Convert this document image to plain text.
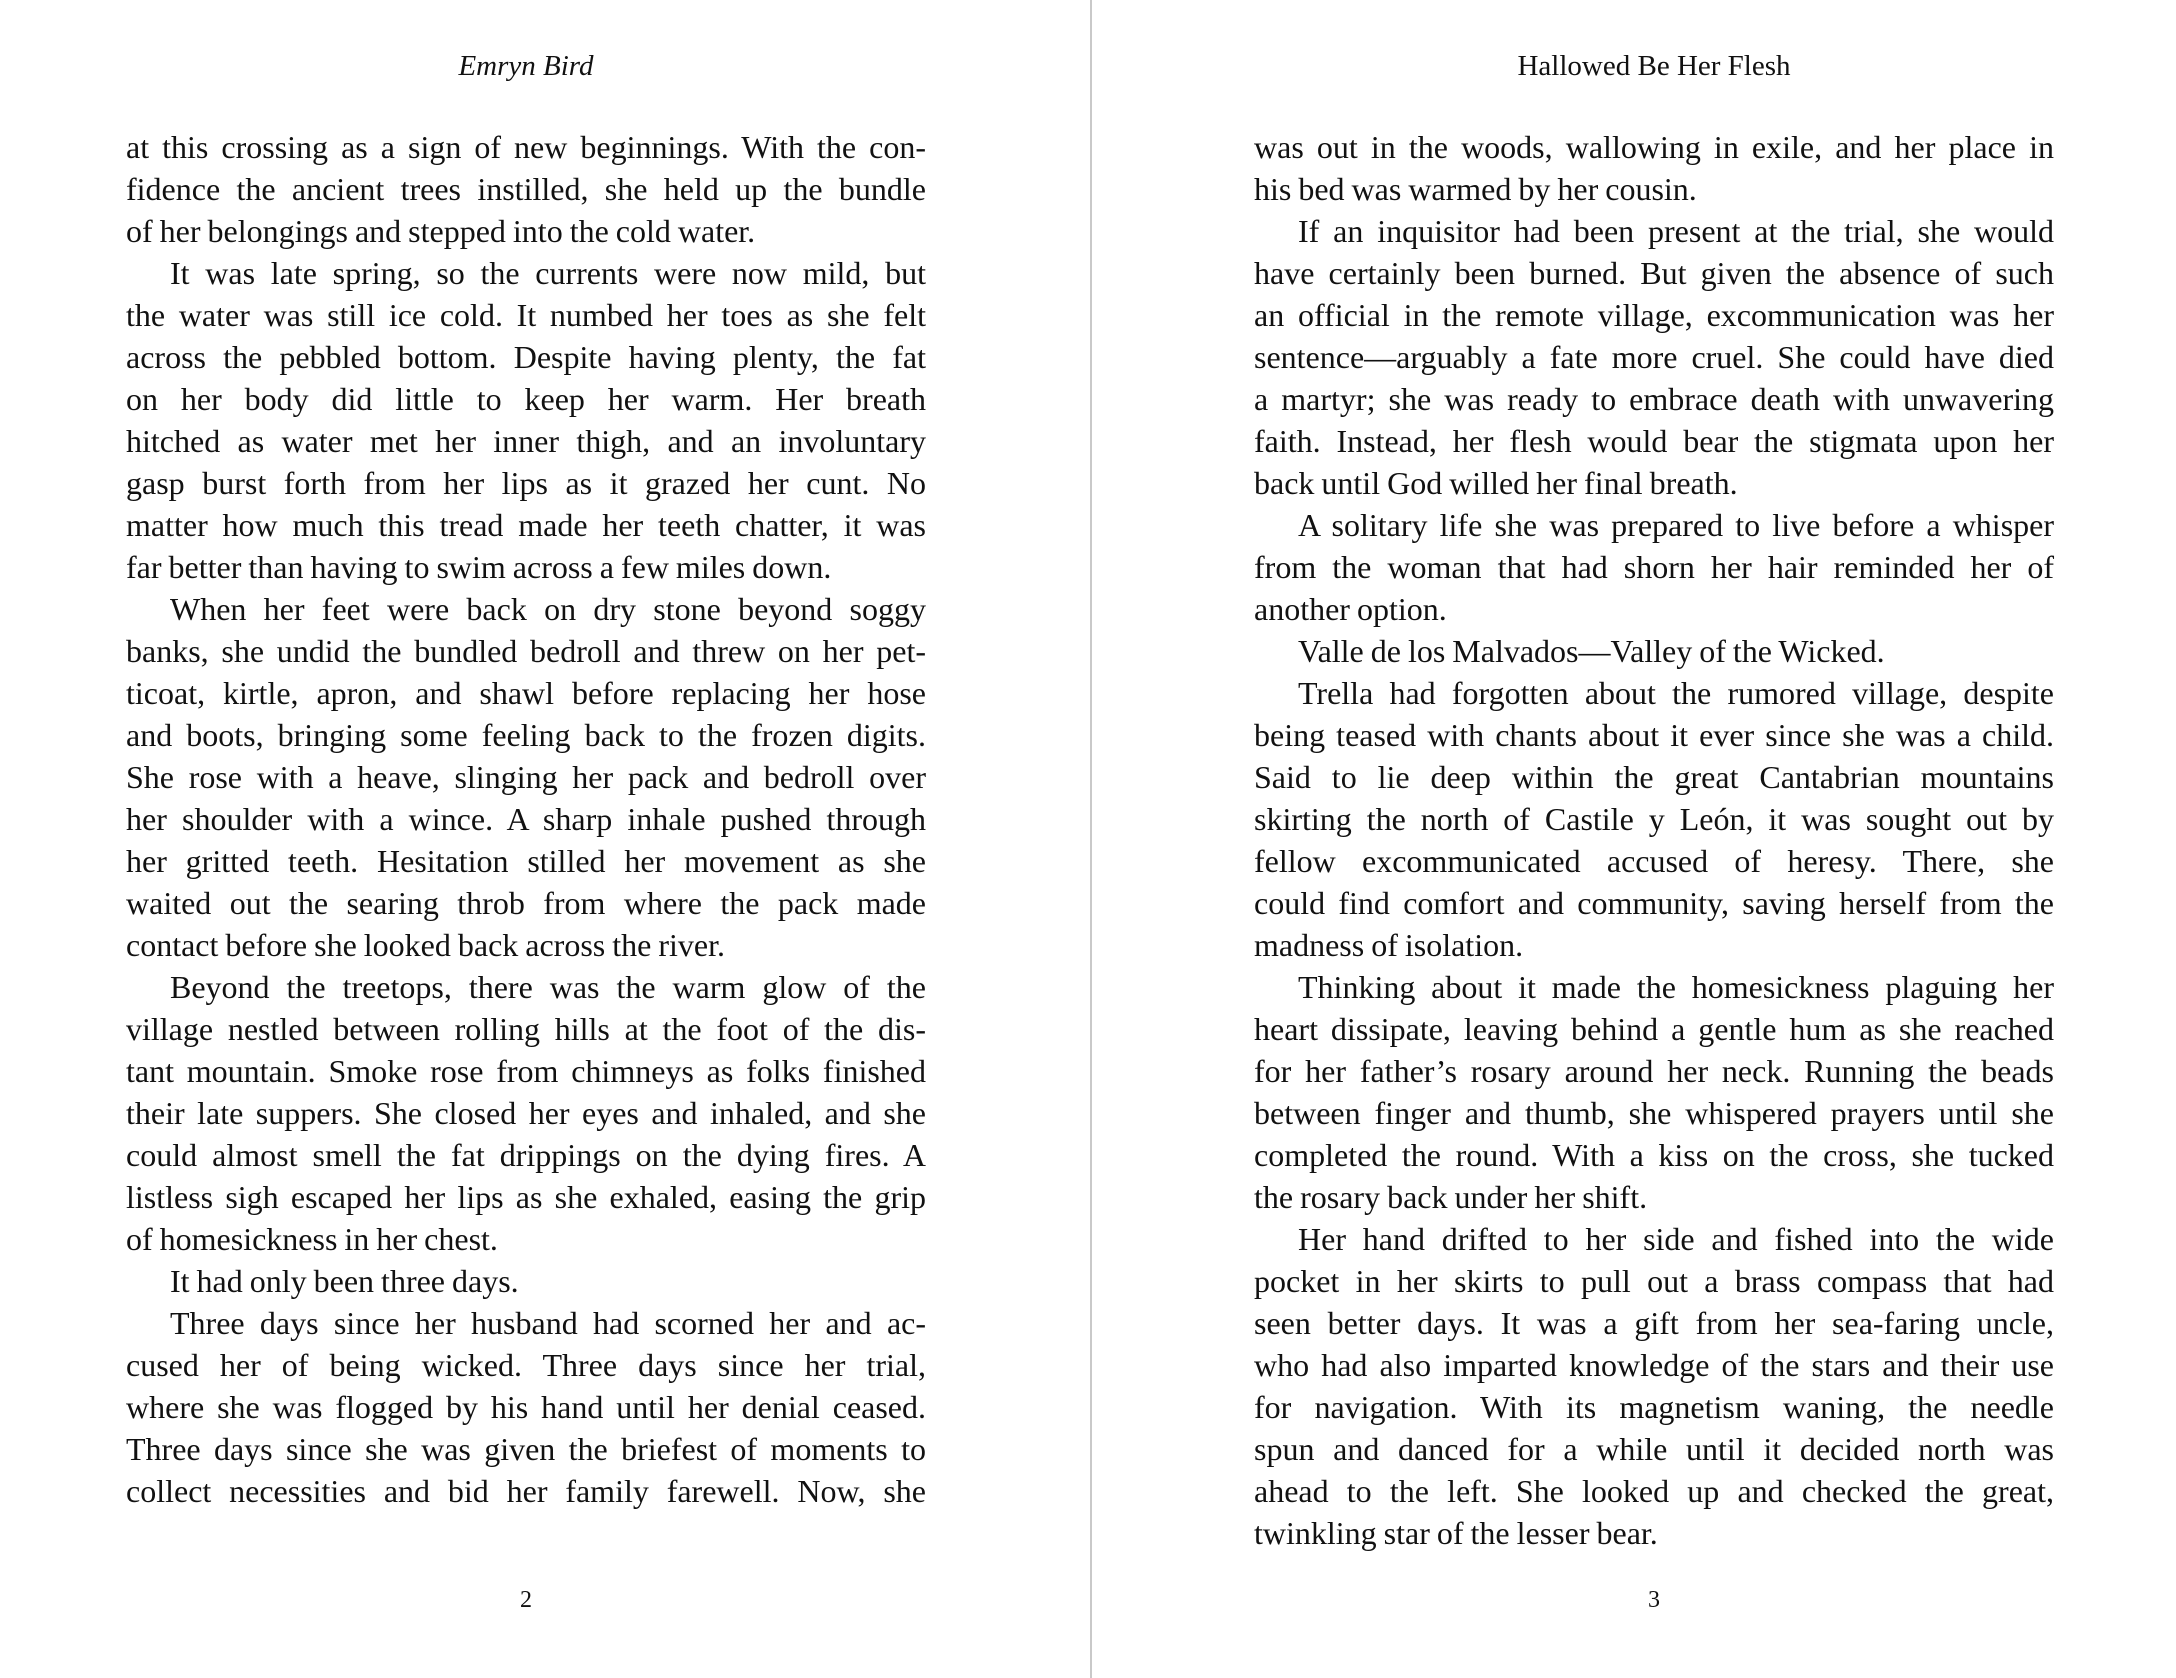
Emryn Bird
at this crossing as a sign of new beginnings. With the con-
fidence the ancient trees instilled, she held up the bundle
of her belongings and stepped into the cold water.
It was late spring, so the currents were now mild, but
the water was still ice cold. It numbed her toes as she felt
across the pebbled bottom. Despite having plenty, the fat
on her body did little to keep her warm. Her breath
hitched as water met her inner thigh, and an involuntary
gasp burst forth from her lips as it grazed her cunt. No
matter how much this tread made her teeth chatter, it was
far better than having to swim across a few miles down.
When her feet were back on dry stone beyond soggy
banks, she undid the bundled bedroll and threw on her pet-
ticoat, kirtle, apron, and shawl before replacing her hose
and boots, bringing some feeling back to the frozen digits.
She rose with a heave, slinging her pack and bedroll over
her shoulder with a wince. A sharp inhale pushed through
her gritted teeth. Hesitation stilled her movement as she
waited out the searing throb from where the pack made
contact before she looked back across the river.
Beyond the treetops, there was the warm glow of the
village nestled between rolling hills at the foot of the dis-
tant mountain. Smoke rose from chimneys as folks finished
their late suppers. She closed her eyes and inhaled, and she
could almost smell the fat drippings on the dying fires. A
listless sigh escaped her lips as she exhaled, easing the grip
of homesickness in her chest.
It had only been three days.
Three days since her husband had scorned her and ac-
cused her of being wicked. Three days since her trial,
where she was flogged by his hand until her denial ceased.
Three days since she was given the briefest of moments to
collect necessities and bid her family farewell. Now, she
2
Hallowed Be Her Flesh
was out in the woods, wallowing in exile, and her place in
his bed was warmed by her cousin.
If an inquisitor had been present at the trial, she would
have certainly been burned. But given the absence of such
an official in the remote village, excommunication was her
sentence—arguably a fate more cruel. She could have died
a martyr; she was ready to embrace death with unwavering
faith. Instead, her flesh would bear the stigmata upon her
back until God willed her final breath.
A solitary life she was prepared to live before a whisper
from the woman that had shorn her hair reminded her of
another option.
Valle de los Malvados—Valley of the Wicked.
Trella had forgotten about the rumored village, despite
being teased with chants about it ever since she was a child.
Said to lie deep within the great Cantabrian mountains
skirting the north of Castile y León, it was sought out by
fellow excommunicated accused of heresy. There, she
could find comfort and community, saving herself from the
madness of isolation.
Thinking about it made the homesickness plaguing her
heart dissipate, leaving behind a gentle hum as she reached
for her father’s rosary around her neck. Running the beads
between finger and thumb, she whispered prayers until she
completed the round. With a kiss on the cross, she tucked
the rosary back under her shift.
Her hand drifted to her side and fished into the wide
pocket in her skirts to pull out a brass compass that had
seen better days. It was a gift from her sea-faring uncle,
who had also imparted knowledge of the stars and their use
for navigation. With its magnetism waning, the needle
spun and danced for a while until it decided north was
ahead to the left. She looked up and checked the great,
twinkling star of the lesser bear.
3
